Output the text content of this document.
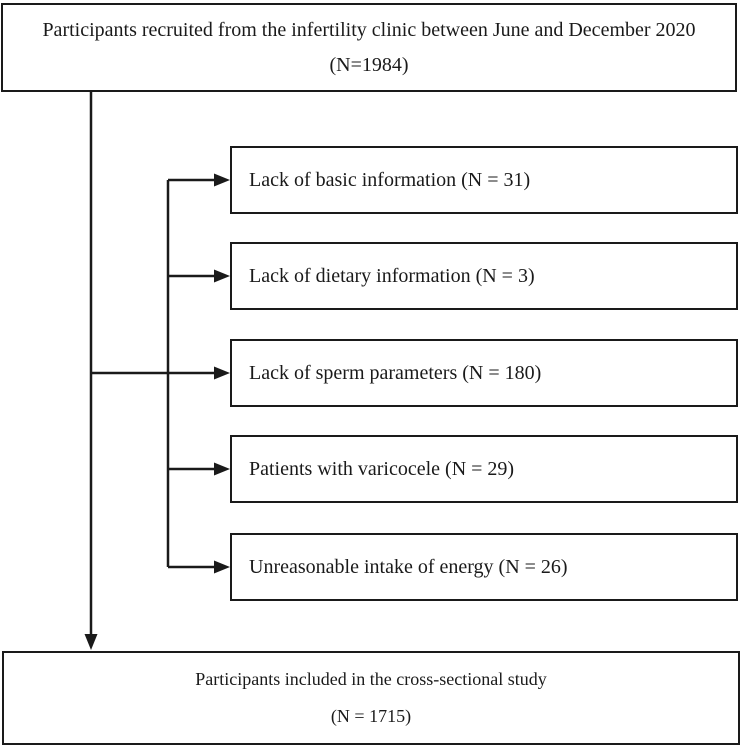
Participants recruited from the infertility clinic between June and December 2020
(N=1984)
Lack of basic information (N = 31)
Lack of dietary information (N = 3)
Lack of sperm parameters (N = 180)
Patients with varicocele (N = 29)
Unreasonable intake of energy (N = 26)
Participants included in the cross-sectional study
(N = 1715)
